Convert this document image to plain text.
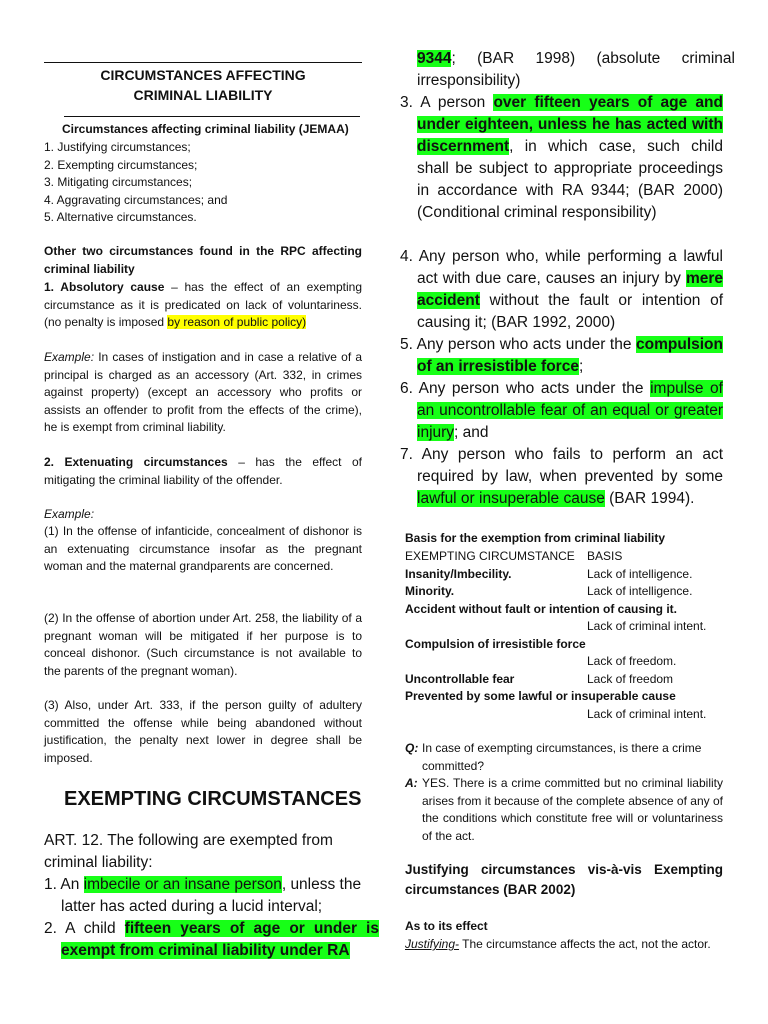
CIRCUMSTANCES AFFECTING
CRIMINAL LIABILITY
Circumstances affecting criminal liability (JEMAA)
1. Justifying circumstances;
2. Exempting circumstances;
3. Mitigating circumstances;
4. Aggravating circumstances; and
5. Alternative circumstances.
Other two circumstances found in the RPC affecting criminal liability
1. Absolutory cause – has the effect of an exempting circumstance as it is predicated on lack of voluntariness. (no penalty is imposed by reason of public policy)
Example: In cases of instigation and in case a relative of a principal is charged as an accessory (Art. 332, in crimes against property) (except an accessory who profits or assists an offender to profit from the effects of the crime), he is exempt from criminal liability.
2. Extenuating circumstances – has the effect of mitigating the criminal liability of the offender.
Example:
(1) In the offense of infanticide, concealment of dishonor is an extenuating circumstance insofar as the pregnant woman and the maternal grandparents are concerned.
(2) In the offense of abortion under Art. 258, the liability of a pregnant woman will be mitigated if her purpose is to conceal dishonor. (Such circumstance is not available to the parents of the pregnant woman).
(3) Also, under Art. 333, if the person guilty of adultery committed the offense while being abandoned without justification, the penalty next lower in degree shall be imposed.
EXEMPTING CIRCUMSTANCES
ART. 12. The following are exempted from criminal liability:
1. An imbecile or an insane person, unless the latter has acted during a lucid interval;
2. A child fifteen years of age or under is exempt from criminal liability under RA
9344; (BAR 1998) (absolute criminal irresponsibility)
3. A person over fifteen years of age and under eighteen, unless he has acted with discernment, in which case, such child shall be subject to appropriate proceedings in accordance with RA 9344; (BAR 2000) (Conditional criminal responsibility)
4. Any person who, while performing a lawful act with due care, causes an injury by mere accident without the fault or intention of causing it; (BAR 1992, 2000)
5. Any person who acts under the compulsion of an irresistible force;
6. Any person who acts under the impulse of an uncontrollable fear of an equal or greater injury; and
7. Any person who fails to perform an act required by law, when prevented by some lawful or insuperable cause (BAR 1994).
Basis for the exemption from criminal liability
EXEMPTING CIRCUMSTANCE	BASIS
Insanity/Imbecility.	Lack of intelligence.
Minority.	Lack of intelligence.
Accident without fault or intention of causing it.
Lack of criminal intent.
Compulsion of irresistible force
Lack of freedom.
Uncontrollable fear	Lack of freedom
Prevented by some lawful or insuperable cause
Lack of criminal intent.
Q: In case of exempting circumstances, is there a crime committed?
A: YES. There is a crime committed but no criminal liability arises from it because of the complete absence of any of the conditions which constitute free will or voluntariness of the act.
Justifying circumstances vis-à-vis Exempting circumstances (BAR 2002)
As to its effect
Justifying- The circumstance affects the act, not the actor.
